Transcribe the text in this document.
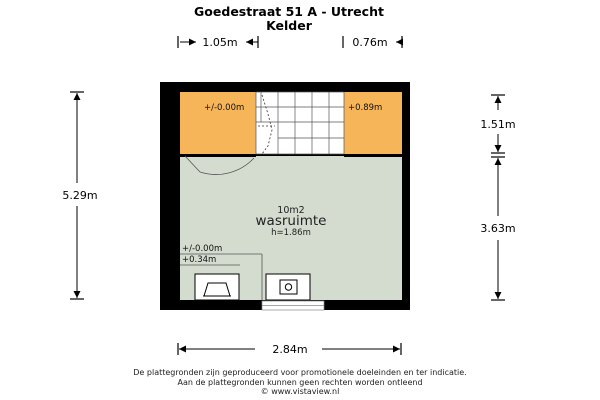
Goedestraat 51 A - Utrecht
Kelder
1.05m	0.76m
5.29m
1.51m
3.63m
2.84m
+/-0.00m	+0.89m
10m2
wasruimte
h=1.86m
+/-0.00m
+0.34m
De plattegronden zijn geproduceerd voor promotionele doeleinden en ter indicatie.
Aan de plattegronden kunnen geen rechten worden ontleend
© www.vistaview.nl
